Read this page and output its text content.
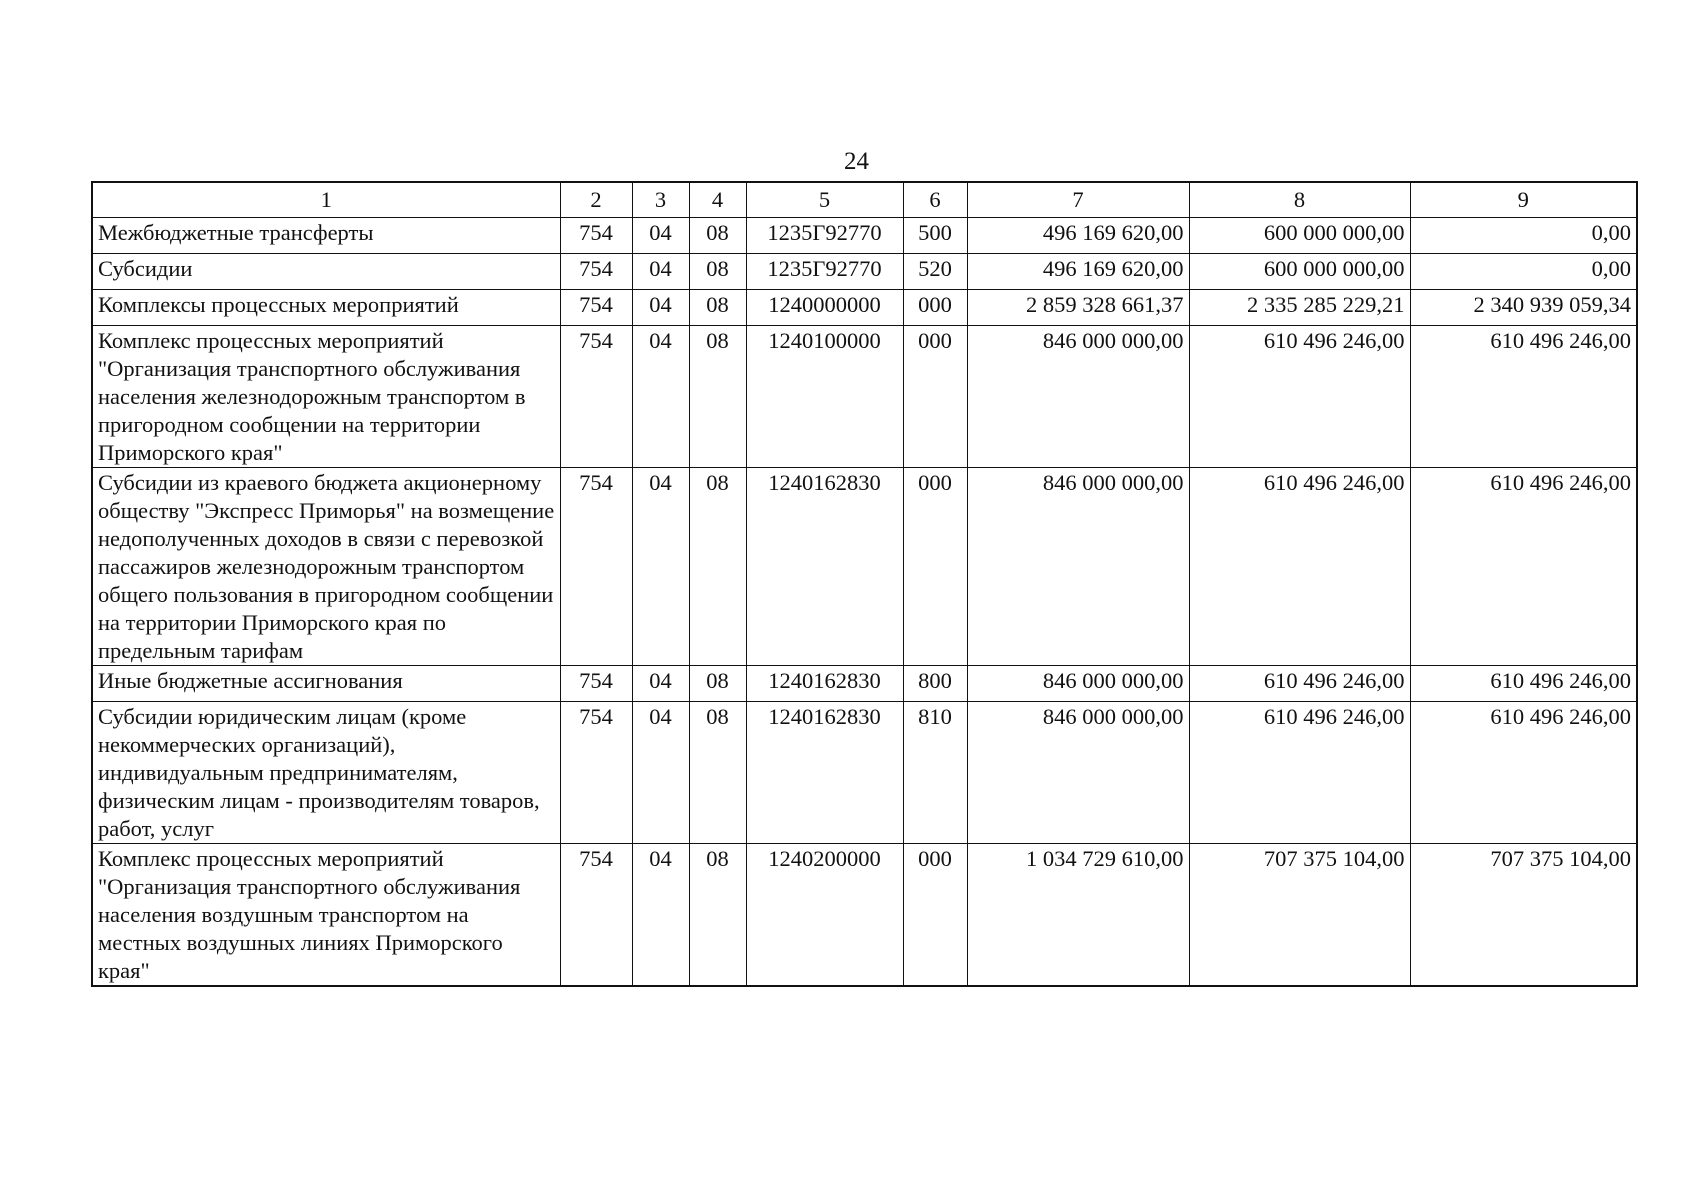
24
1	2	3	4	5	6	7	8	9
Межбюджетные трансферты	754	04	08	1235Г92770	500	496 169 620,00	600 000 000,00	0,00
Субсидии	754	04	08	1235Г92770	520	496 169 620,00	600 000 000,00	0,00
Комплексы процессных мероприятий	754	04	08	1240000000	000	2 859 328 661,37	2 335 285 229,21	2 340 939 059,34
Комплекс процессных мероприятий "Организация транспортного обслуживания населения железнодорожным транспортом в пригородном сообщении на территории Приморского края"	754	04	08	1240100000	000	846 000 000,00	610 496 246,00	610 496 246,00
Субсидии из краевого бюджета акционерному обществу "Экспресс Приморья" на возмещение недополученных доходов в связи с перевозкой пассажиров железнодорожным транспортом общего пользования в пригородном сообщении на территории Приморского края по предельным тарифам	754	04	08	1240162830	000	846 000 000,00	610 496 246,00	610 496 246,00
Иные бюджетные ассигнования	754	04	08	1240162830	800	846 000 000,00	610 496 246,00	610 496 246,00
Субсидии юридическим лицам (кроме некоммерческих организаций), индивидуальным предпринимателям, физическим лицам - производителям товаров, работ, услуг	754	04	08	1240162830	810	846 000 000,00	610 496 246,00	610 496 246,00
Комплекс процессных мероприятий "Организация транспортного обслуживания населения воздушным транспортом на местных воздушных линиях Приморского края"	754	04	08	1240200000	000	1 034 729 610,00	707 375 104,00	707 375 104,00
